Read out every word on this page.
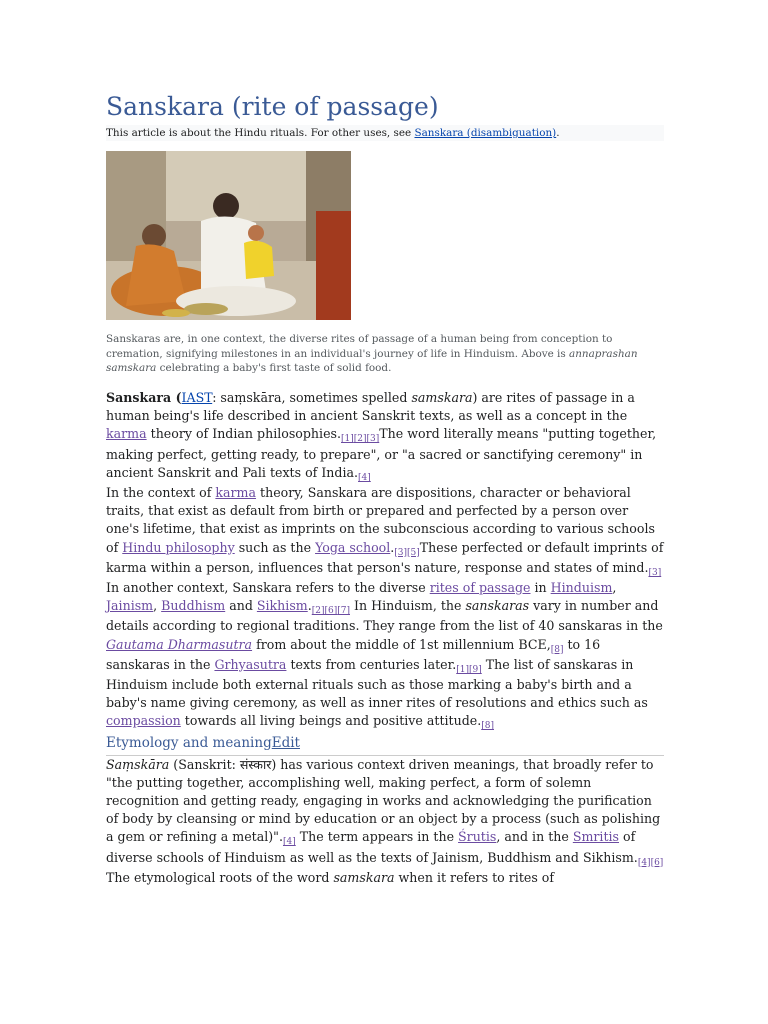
Sanskara (rite of passage)
This article is about the Hindu rituals. For other uses, see Sanskara (disambiguation).
Sanskaras are, in one context, the diverse rites of passage of a human being from conception to cremation, signifying milestones in an individual's journey of life in Hinduism. Above is annaprashan samskara celebrating a baby's first taste of solid food.

Sanskara (IAST: saṃskāra, sometimes spelled samskara) are rites of passage in a human being's life described in ancient Sanskrit texts, as well as a concept in the karma theory of Indian philosophies.[1][2][3]The word literally means "putting together, making perfect, getting ready, to prepare", or "a sacred or sanctifying ceremony" in ancient Sanskrit and Pali texts of India.[4]

In the context of karma theory, Sanskara are dispositions, character or behavioral traits, that exist as default from birth or prepared and perfected by a person over one's lifetime, that exist as imprints on the subconscious according to various schools of Hindu philosophy such as the Yoga school.[3][5]These perfected or default imprints of karma within a person, influences that person's nature, response and states of mind.[3]

In another context, Sanskara refers to the diverse rites of passage in Hinduism, Jainism, Buddhism and Sikhism.[2][6][7] In Hinduism, the sanskaras vary in number and details according to regional traditions. They range from the list of 40 sanskaras in the Gautama Dharmasutra from about the middle of 1st millennium BCE,[8] to 16 sanskaras in the Grhyasutra texts from centuries later.[1][9] The list of sanskaras in Hinduism include both external rituals such as those marking a baby's birth and a baby's name giving ceremony, as well as inner rites of resolutions and ethics such as compassion towards all living beings and positive attitude.[8]

Etymology and meaningEdit

Saṃskāra (Sanskrit: संस्कार) has various context driven meanings, that broadly refer to "the putting together, accomplishing well, making perfect, a form of solemn recognition and getting ready, engaging in works and acknowledging the purification of body by cleansing or mind by education or an object by a process (such as polishing a gem or refining a metal)".[4] The term appears in the Śrutis, and in the Smritis of diverse schools of Hinduism as well as the texts of Jainism, Buddhism and Sikhism.[4][6] The etymological roots of the word samskara when it refers to rites of
